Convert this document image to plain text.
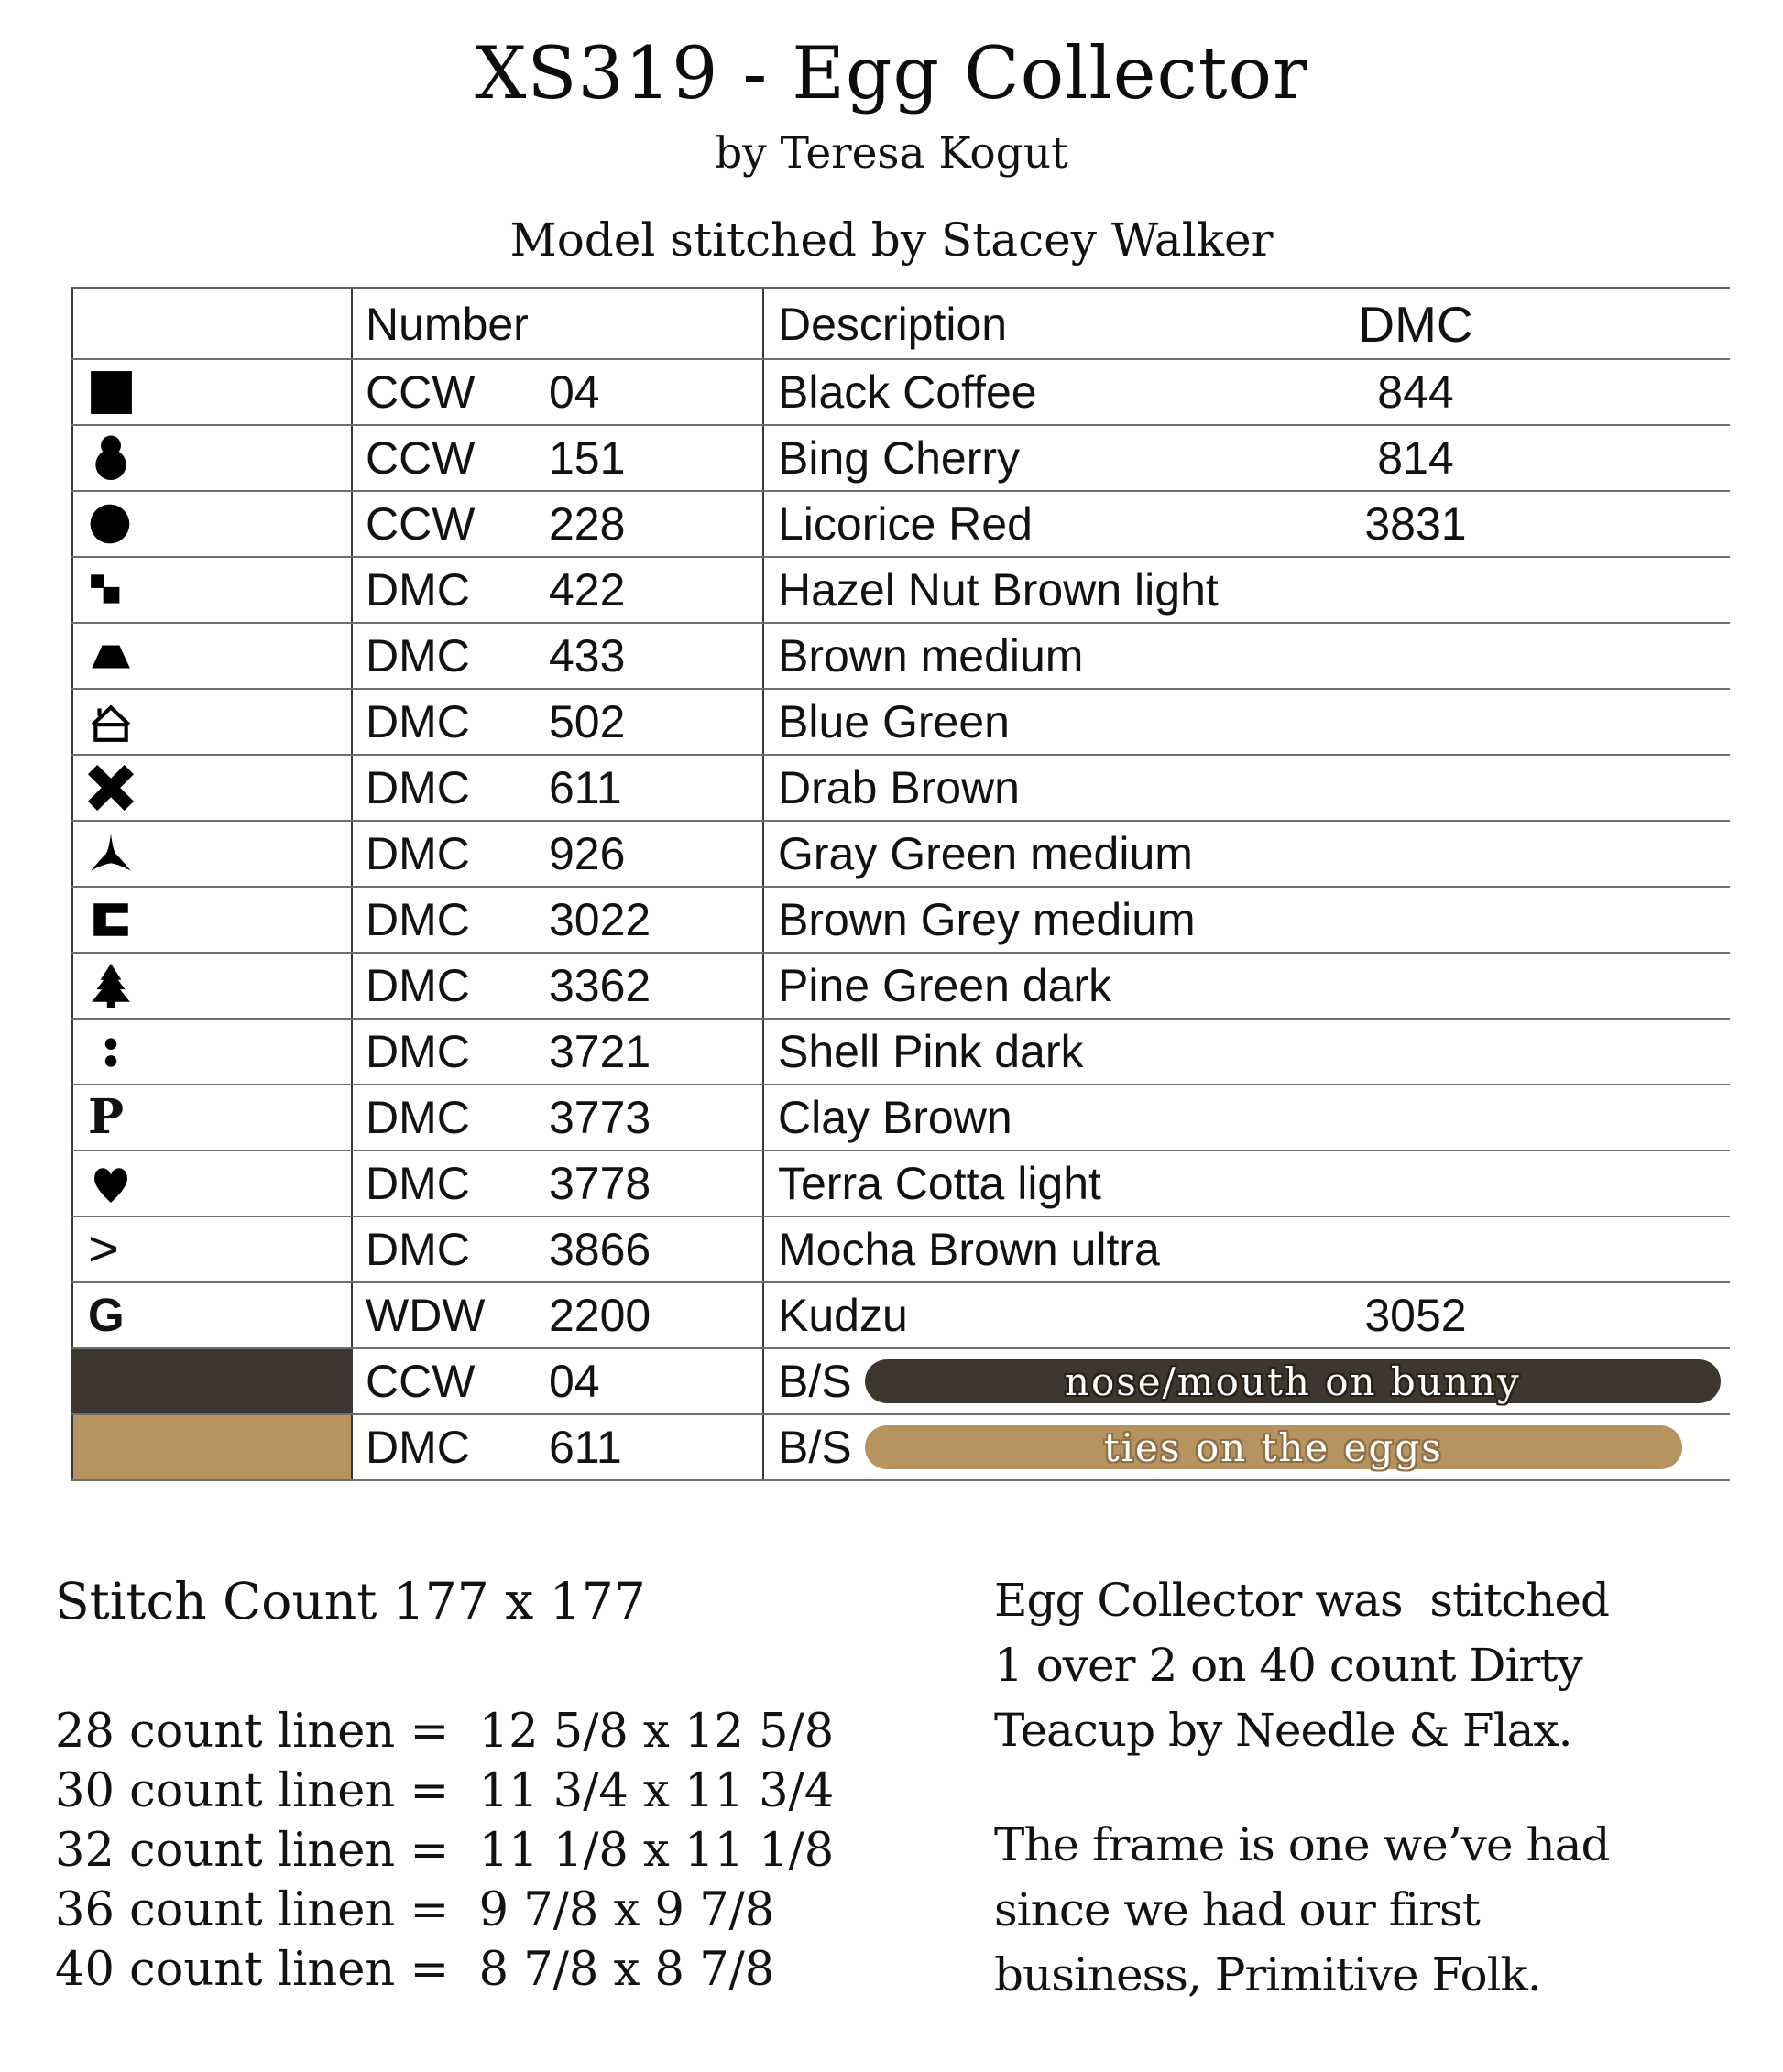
XS319 - Egg Collector
by Teresa Kogut
Model stitched by Stacey Walker
Number	Description	DMC
CCW	04	Black Coffee	844
CCW	151	Bing Cherry	814
CCW	228	Licorice Red	3831
DMC	422	Hazel Nut Brown light
DMC	433	Brown medium
DMC	502	Blue Green
DMC	611	Drab Brown
DMC	926	Gray Green medium
DMC	3022	Brown Grey medium
DMC	3362	Pine Green dark
DMC	3721	Shell Pink dark
P	DMC	3773	Clay Brown
DMC	3778	Terra Cotta light
>	DMC	3866	Mocha Brown ultra
G	WDW	2200	Kudzu	3052
CCW	04	B/S	nose/mouth on bunny
DMC	611	B/S	ties on the eggs
Stitch Count 177 x 177
28 count linen =  12 5/8 x 12 5/8
30 count linen =  11 3/4 x 11 3/4
32 count linen =  11 1/8 x 11 1/8
36 count linen =  9 7/8 x 9 7/8
40 count linen =  8 7/8 x 8 7/8
Egg Collector was  stitched
1 over 2 on 40 count Dirty
Teacup by Needle & Flax.
The frame is one we’ve had
since we had our first
business, Primitive Folk.
